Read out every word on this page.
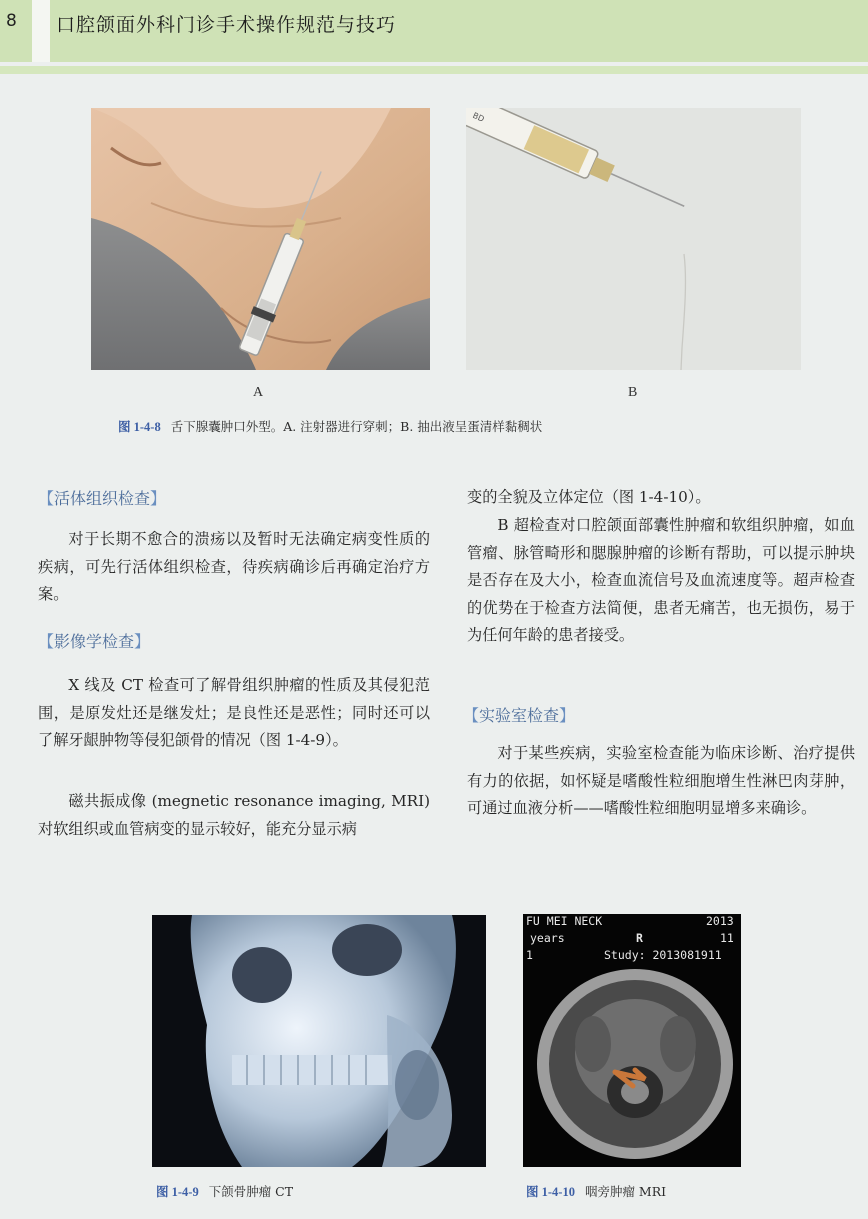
8	口腔颌面外科门诊手术操作规范与技巧
BD
A	B
图 1-4-8 舌下腺囊肿口外型。A. 注射器进行穿刺；B. 抽出液呈蛋清样黏稠状
【活体组织检查】

对于长期不愈合的溃疡以及暂时无法确定病变性质的疾病，可先行活体组织检查，待疾病确诊后再确定治疗方案。

【影像学检查】

X 线及 CT 检查可了解骨组织肿瘤的性质及其侵犯范围，是原发灶还是继发灶；是良性还是恶性；同时还可以了解牙龈肿物等侵犯颌骨的情况（图 1-4-9）。

磁共振成像 (megnetic resonance imaging, MRI) 对软组织或血管病变的显示较好，能充分显示病

变的全貌及立体定位（图 1-4-10）。

B 超检查对口腔颌面部囊性肿瘤和软组织肿瘤，如血管瘤、脉管畸形和腮腺肿瘤的诊断有帮助，可以提示肿块是否存在及大小，检查血流信号及血流速度等。超声检查的优势在于检查方法简便，患者无痛苦，也无损伤，易于为任何年龄的患者接受。

【实验室检查】

对于某些疾病，实验室检查能为临床诊断、治疗提供有力的依据，如怀疑是嗜酸性粒细胞增生性淋巴肉芽肿，可通过血液分析——嗜酸性粒细胞明显增多来确诊。

图 1-4-9 下颌骨肿瘤 CT
FU MEI NECK	2013
years	R	11
1	Study: 2013081911
图 1-4-10 咽旁肿瘤 MRI
